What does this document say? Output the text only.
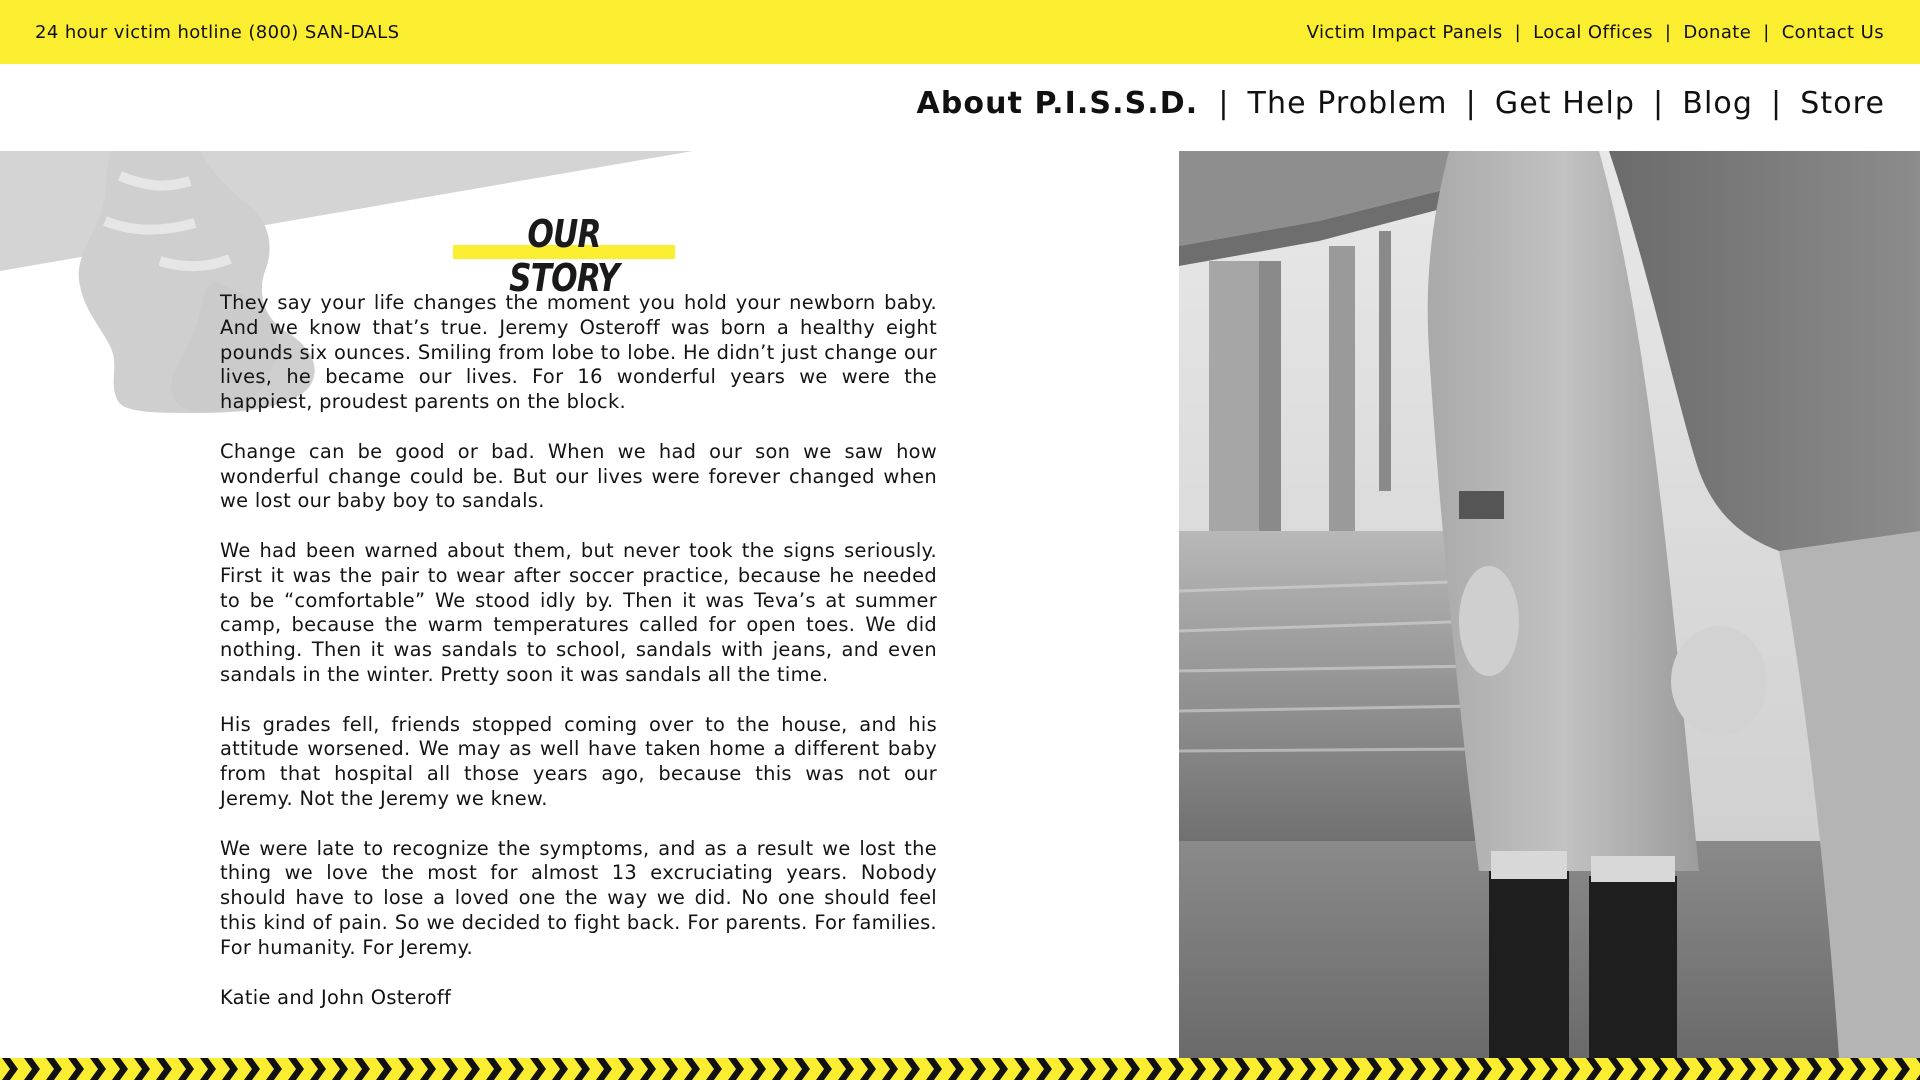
24 hour victim hotline (800) SAN-DALS	Victim Impact Panels | Local Offices | Donate | Contact Us
About P.I.S.S.D. | The Problem | Get Help | Blog | Store
OUR STORY

They say your life changes the moment you hold your newborn baby. And we know that’s true. Jeremy Osteroff was born a healthy eight pounds six ounces. Smiling from lobe to lobe. He didn’t just change our lives, he became our lives. For 16 wonderful years we were the happiest, proudest parents on the block.

Change can be good or bad. When we had our son we saw how wonderful change could be. But our lives were forever changed when we lost our baby boy to sandals.

We had been warned about them, but never took the signs seriously. First it was the pair to wear after soccer practice, because he needed to be “comfortable” We stood idly by. Then it was Teva’s at summer camp, because the warm temperatures called for open toes. We did nothing. Then it was sandals to school, sandals with jeans, and even sandals in the winter. Pretty soon it was sandals all the time.

His grades fell, friends stopped coming over to the house, and his attitude worsened. We may as well have taken home a different baby from that hospital all those years ago, because this was not our Jeremy. Not the Jeremy we knew.

We were late to recognize the symptoms, and as a result we lost the thing we love the most for almost 13 excruciating years. Nobody should have to lose a loved one the way we did. No one should feel this kind of pain. So we decided to fight back. For parents. For families. For humanity. For Jeremy.

Katie and John Osteroff
